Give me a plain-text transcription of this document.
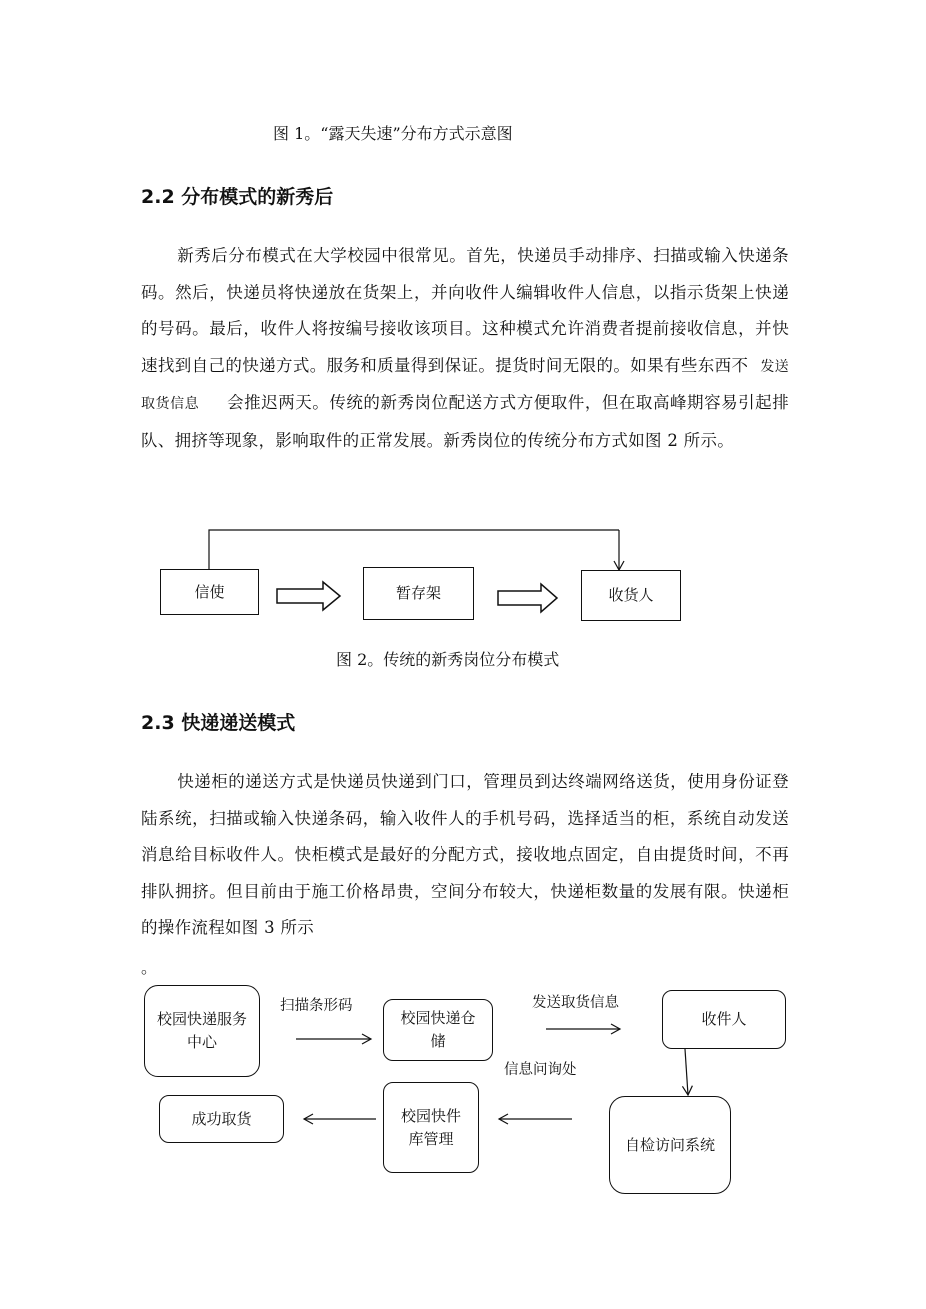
图 1。“露天失速”分布方式示意图
2.2 分布模式的新秀后
新秀后分布模式在大学校园中很常见。首先，快递员手动排序、扫描或输入快递条码。然后，快递员将快递放在货架上，并向收件人编辑收件人信息，以指示货架上快递的号码。最后，收件人将按编号接收该项目。这种模式允许消费者提前接收信息，并快速找到自己的快递方式。服务和质量得到保证。提货时间无限的。如果有些东西不 发送取货信息 会推迟两天。传统的新秀岗位配送方式方便取件，但在取高峰期容易引起排队、拥挤等现象，影响取件的正常发展。新秀岗位的传统分布方式如图 2 所示。
信使	暂存架	收货人
图 2。传统的新秀岗位分布模式
2.3 快递递送模式
快递柜的递送方式是快递员快递到门口，管理员到达终端网络送货，使用身份证登陆系统，扫描或输入快递条码，输入收件人的手机号码，选择适当的柜，系统自动发送消息给目标收件人。快柜模式是最好的分配方式，接收地点固定，自由提货时间，不再排队拥挤。但目前由于施工价格昂贵，空间分布较大，快递柜数量的发展有限。快递柜的操作流程如图 3 所示
。
校园快递服务中心
校园快递仓储
收件人
自检访问系统
校园快件库管理
成功取货
扫描条形码	发送取货信息
信息问询处
